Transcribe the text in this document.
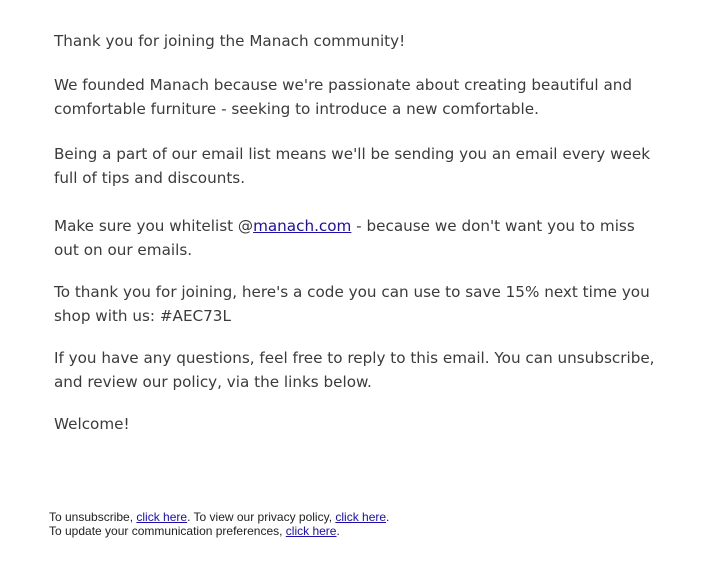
Thank you for joining the Manach community!

We founded Manach because we're passionate about creating beautiful and comfortable furniture - seeking to introduce a new comfortable.

Being a part of our email list means we'll be sending you an email every week full of tips and discounts.

Make sure you whitelist @manach.com - because we don't want you to miss out on our emails.

To thank you for joining, here's a code you can use to save 15% next time you shop with us: #AEC73L

If you have any questions, feel free to reply to this email. You can unsubscribe, and review our policy, via the links below.

Welcome!

To unsubscribe, click here. To view our privacy policy, click here.
To update your communication preferences, click here.
